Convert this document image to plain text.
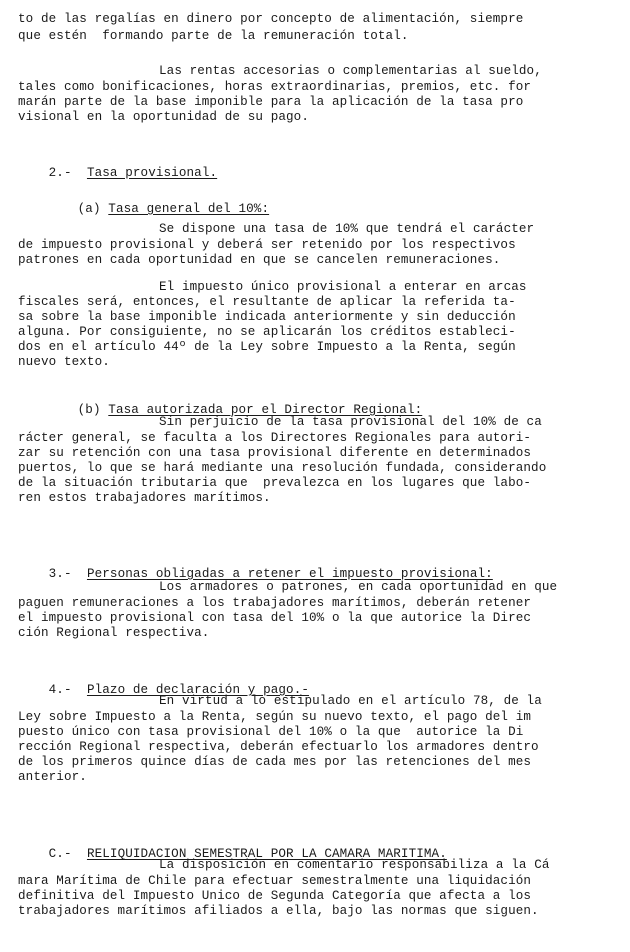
to de las regalías en dinero por concepto de alimentación, siempre
que estén  formando parte de la remuneración total.
Las rentas accesorias o complementarias al sueldo,
tales como bonificaciones, horas extraordinarias, premios, etc. for
marán parte de la base imponible para la aplicación de la tasa pro
visional en la oportunidad de su pago.

2.- Tasa provisional.

(a) Tasa general del 10%:

Se dispone una tasa de 10% que tendrá el carácter
de impuesto provisional y deberá ser retenido por los respectivos
patrones en cada oportunidad en que se cancelen remuneraciones.
El impuesto único provisional a enterar en arcas
fiscales será, entonces, el resultante de aplicar la referida ta-
sa sobre la base imponible indicada anteriormente y sin deducción
alguna. Por consiguiente, no se aplicarán los créditos estableci-
dos en el artículo 44º de la Ley sobre Impuesto a la Renta, según
nuevo texto.

(b) Tasa autorizada por el Director Regional:

Sin perjuicio de la tasa provisional del 10% de ca
rácter general, se faculta a los Directores Regionales para autori-
zar su retención con una tasa provisional diferente en determinados
puertos, lo que se hará mediante una resolución fundada, considerando
de la situación tributaria que  prevalezca en los lugares que labo-
ren estos trabajadores marítimos.

3.- Personas obligadas a retener el impuesto provisional:

Los armadores o patrones, en cada oportunidad en que
paguen remuneraciones a los trabajadores marítimos, deberán retener
el impuesto provisional con tasa del 10% o la que autorice la Direc
ción Regional respectiva.

4.- Plazo de declaración y pago.-

En virtud a lo estipulado en el artículo 78, de la
Ley sobre Impuesto a la Renta, según su nuevo texto, el pago del im
puesto único con tasa provisional del 10% o la que  autorice la Di
rección Regional respectiva, deberán efectuarlo los armadores dentro
de los primeros quince días de cada mes por las retenciones del mes
anterior.

C.- RELIQUIDACION SEMESTRAL POR LA CAMARA MARITIMA.

La disposición en comentario responsabiliza a la Cá
mara Marítima de Chile para efectuar semestralmente una liquidación
definitiva del Impuesto Unico de Segunda Categoría que afecta a los
trabajadores marítimos afiliados a ella, bajo las normas que siguen.
